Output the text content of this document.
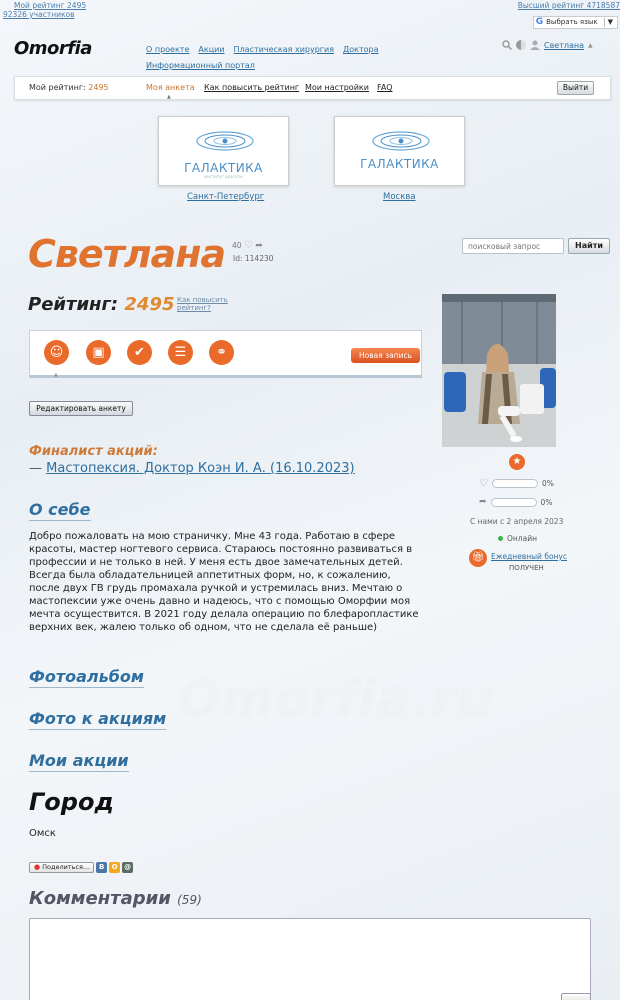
Мой рейтинг 2495
92326 участников
Высший рейтинг 4718587
G Выбрать язык ▼
Omorfia	О проекте Акции Пластическая хирургия Доктора
Информационный портал
Светлана ▲
Мой рейтинг: 2495	Моя анкета
▲
Как повысить рейтинг Мои настройки FAQ	Выйти
ГАЛАКТИКА
институт красоты
Санкт-Петербург
ГАЛАКТИКА
Москва
Светлана 40 ♡ ➦
Id: 114230
поисковый запрос
Найти
Рейтинг: 2495 Как повысить рейтинг?
☺	▣	✔	☰	⚭	Новая запись
▲
Редактировать анкету
Финалист акций:
— Мастопексия. Доктор Коэн И. А. (16.10.2023)
О себе
Добро пожаловать на мою страничку. Мне 43 года. Работаю в сфере красоты, мастер ногтевого сервиса. Стараюсь постоянно развиваться в профессии и не только в ней. У меня есть двое замечательных детей. Всегда была обладательницей аппетитных форм, но, к сожалению, после двух ГВ грудь промахала ручкой и устремилась вниз. Мечтаю о мастопексии уже очень давно и надеюсь, что с помощью Оморфии моя мечта осуществится. В 2021 году делала операцию по блефаропластике верхних век, жалею только об одном, что не сделала её раньше)
Фотоальбом
Фото к акциям
Мои акции
Omorfia.ru
Город
Омск
● Поделиться...	В	О @
Комментарии (59)
★
♡	0%
➦	0%
С нами с 2 апреля 2023
Онлайн
🎁︎ Ежедневный бонус
ПОЛУЧЕН
